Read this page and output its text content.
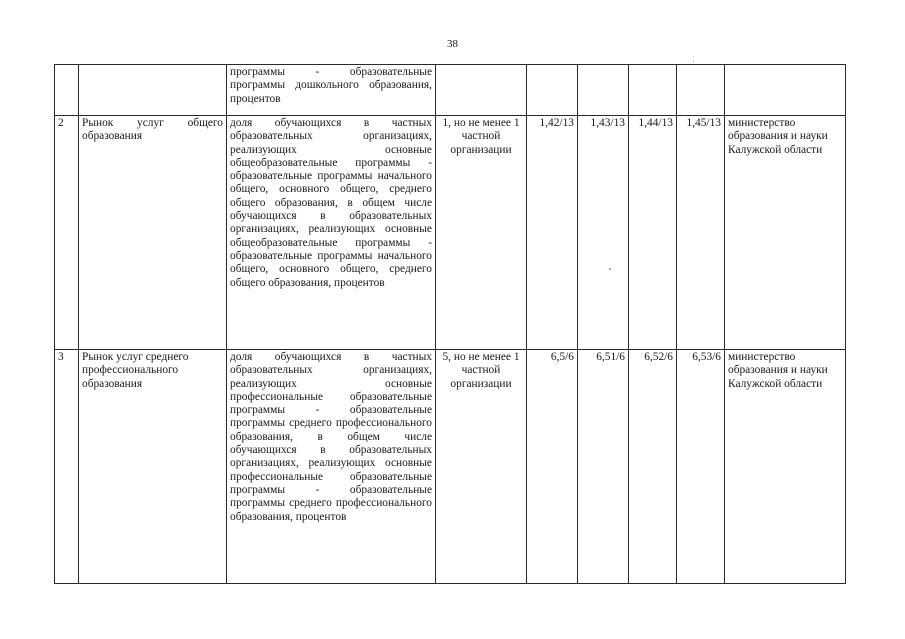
38
		программы - образовательные программы дошкольного образования, процентов						
2	Рынок услуг общего образования	доля обучающихся в частных образовательных организациях, реализующих основные общеобразовательные программы - образовательные программы начального общего, основного общего, среднего общего образования, в общем числе обучающихся в образовательных организациях, реализующих основные общеобразовательные программы - образовательные программы начального общего, основного общего, среднего общего образования, процентов	1, но не менее 1 частной организации	1,42/13	1,43/13	1,44/13	1,45/13	министерство образования и науки Калужской области
3	Рынок услуг среднего профессионального образования	доля обучающихся в частных образовательных организациях, реализующих основные профессиональные образовательные программы - образовательные программы среднего профессионального образования, в общем числе обучающихся в образовательных организациях, реализующих основные профессиональные образовательные программы - образовательные программы среднего профессионального образования, процентов	5, но не менее 1 частной организации	6,5/6	6,51/6	6,52/6	6,53/6	министерство образования и науки Калужской области
